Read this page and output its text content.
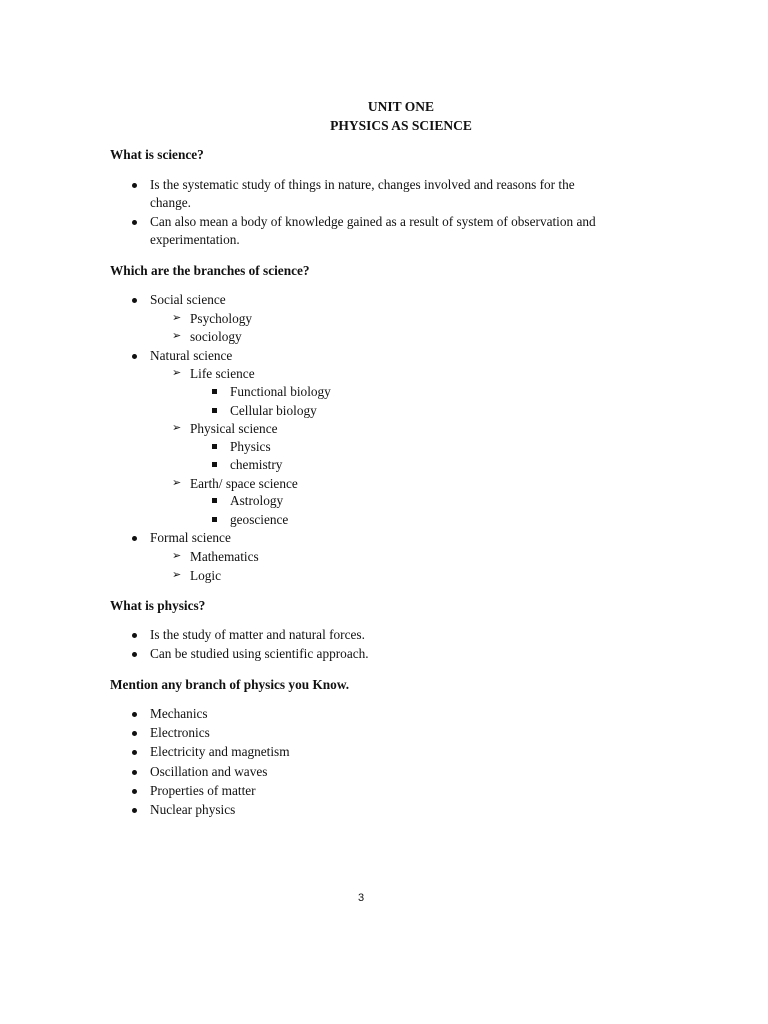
UNIT ONE
PHYSICS AS SCIENCE
What is science?
Is the systematic study of things in nature, changes involved and reasons for the
change.
Can also mean a body of knowledge gained as a result of system of observation and
experimentation.
Which are the branches of science?
Social science
➢ Psychology
➢ sociology
Natural science
➢ Life science
Functional biology
Cellular biology
➢ Physical science
Physics
chemistry
➢ Earth/ space science
Astrology
geoscience
Formal science
➢ Mathematics
➢ Logic
What is physics?
Is the study of matter and natural forces.
Can be studied using scientific approach.
Mention any branch of physics you Know.
Mechanics
Electronics
Electricity and magnetism
Oscillation and waves
Properties of matter
Nuclear physics
3
